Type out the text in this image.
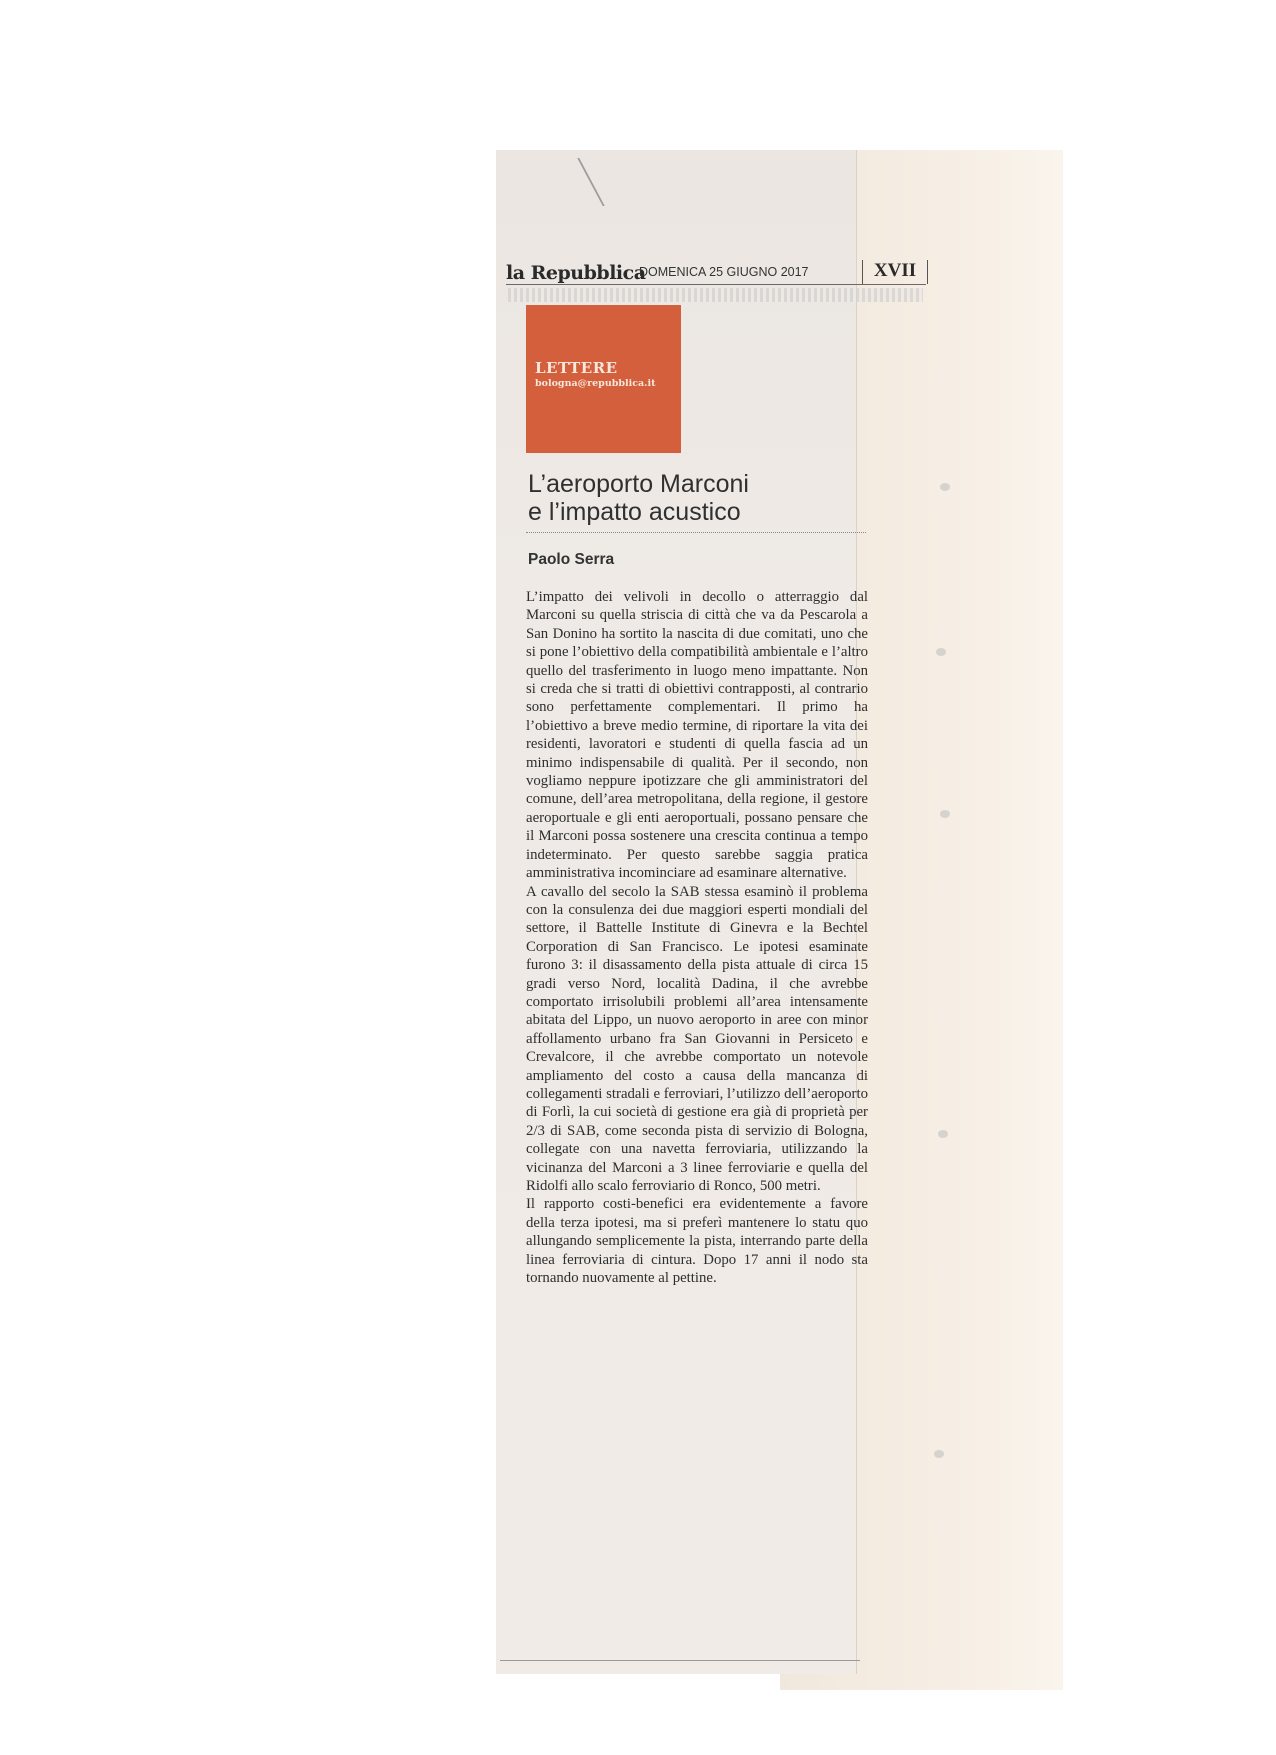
la Repubblica
DOMENICA 25 GIUGNO 2017	XVII
LETTERE
bologna@repubblica.it
L’aeroporto Marconi
e l’impatto acustico
Paolo Serra

L’impatto dei velivoli in decollo o atterraggio dal Marconi su quella striscia di città che va da Pescarola a San Donino ha sortito la nascita di due comitati, uno che si pone l’obiettivo della compatibilità ambientale e l’altro quello del trasferimento in luogo meno impattante. Non si creda che si tratti di obiettivi contrapposti, al contrario sono perfettamente complementari. Il primo ha l’obiettivo a breve medio termine, di riportare la vita dei residenti, lavoratori e studenti di quella fascia ad un minimo indispensabile di qualità. Per il secondo, non vogliamo neppure ipotizzare che gli amministratori del comune, dell’area metropolitana, della regione, il gestore aeroportuale e gli enti aeroportuali, possano pensare che il Marconi possa sostenere una crescita continua a tempo indeterminato. Per questo sarebbe saggia pratica amministrativa incominciare ad esaminare alternative.

A cavallo del secolo la SAB stessa esaminò il problema con la consulenza dei due maggiori esperti mondiali del settore, il Battelle Institute di Ginevra e la Bechtel Corporation di San Francisco. Le ipotesi esaminate furono 3: il disassamento della pista attuale di circa 15 gradi verso Nord, località Dadina, il che avrebbe comportato irrisolubili problemi all’area intensamente abitata del Lippo, un nuovo aeroporto in aree con minor affollamento urbano fra San Giovanni in Persiceto e Crevalcore, il che avrebbe comportato un notevole ampliamento del costo a causa della mancanza di collegamenti stradali e ferroviari, l’utilizzo dell’aeroporto di Forlì, la cui società di gestione era già di proprietà per 2/3 di SAB, come seconda pista di servizio di Bologna, collegate con una navetta ferroviaria, utilizzando la vicinanza del Marconi a 3 linee ferroviarie e quella del Ridolfi allo scalo ferroviario di Ronco, 500 metri.

Il rapporto costi-benefici era evidentemente a favore della terza ipotesi, ma si preferì mantenere lo statu quo allungando semplicemente la pista, interrando parte della linea ferroviaria di cintura. Dopo 17 anni il nodo sta tornando nuovamente al pettine.
